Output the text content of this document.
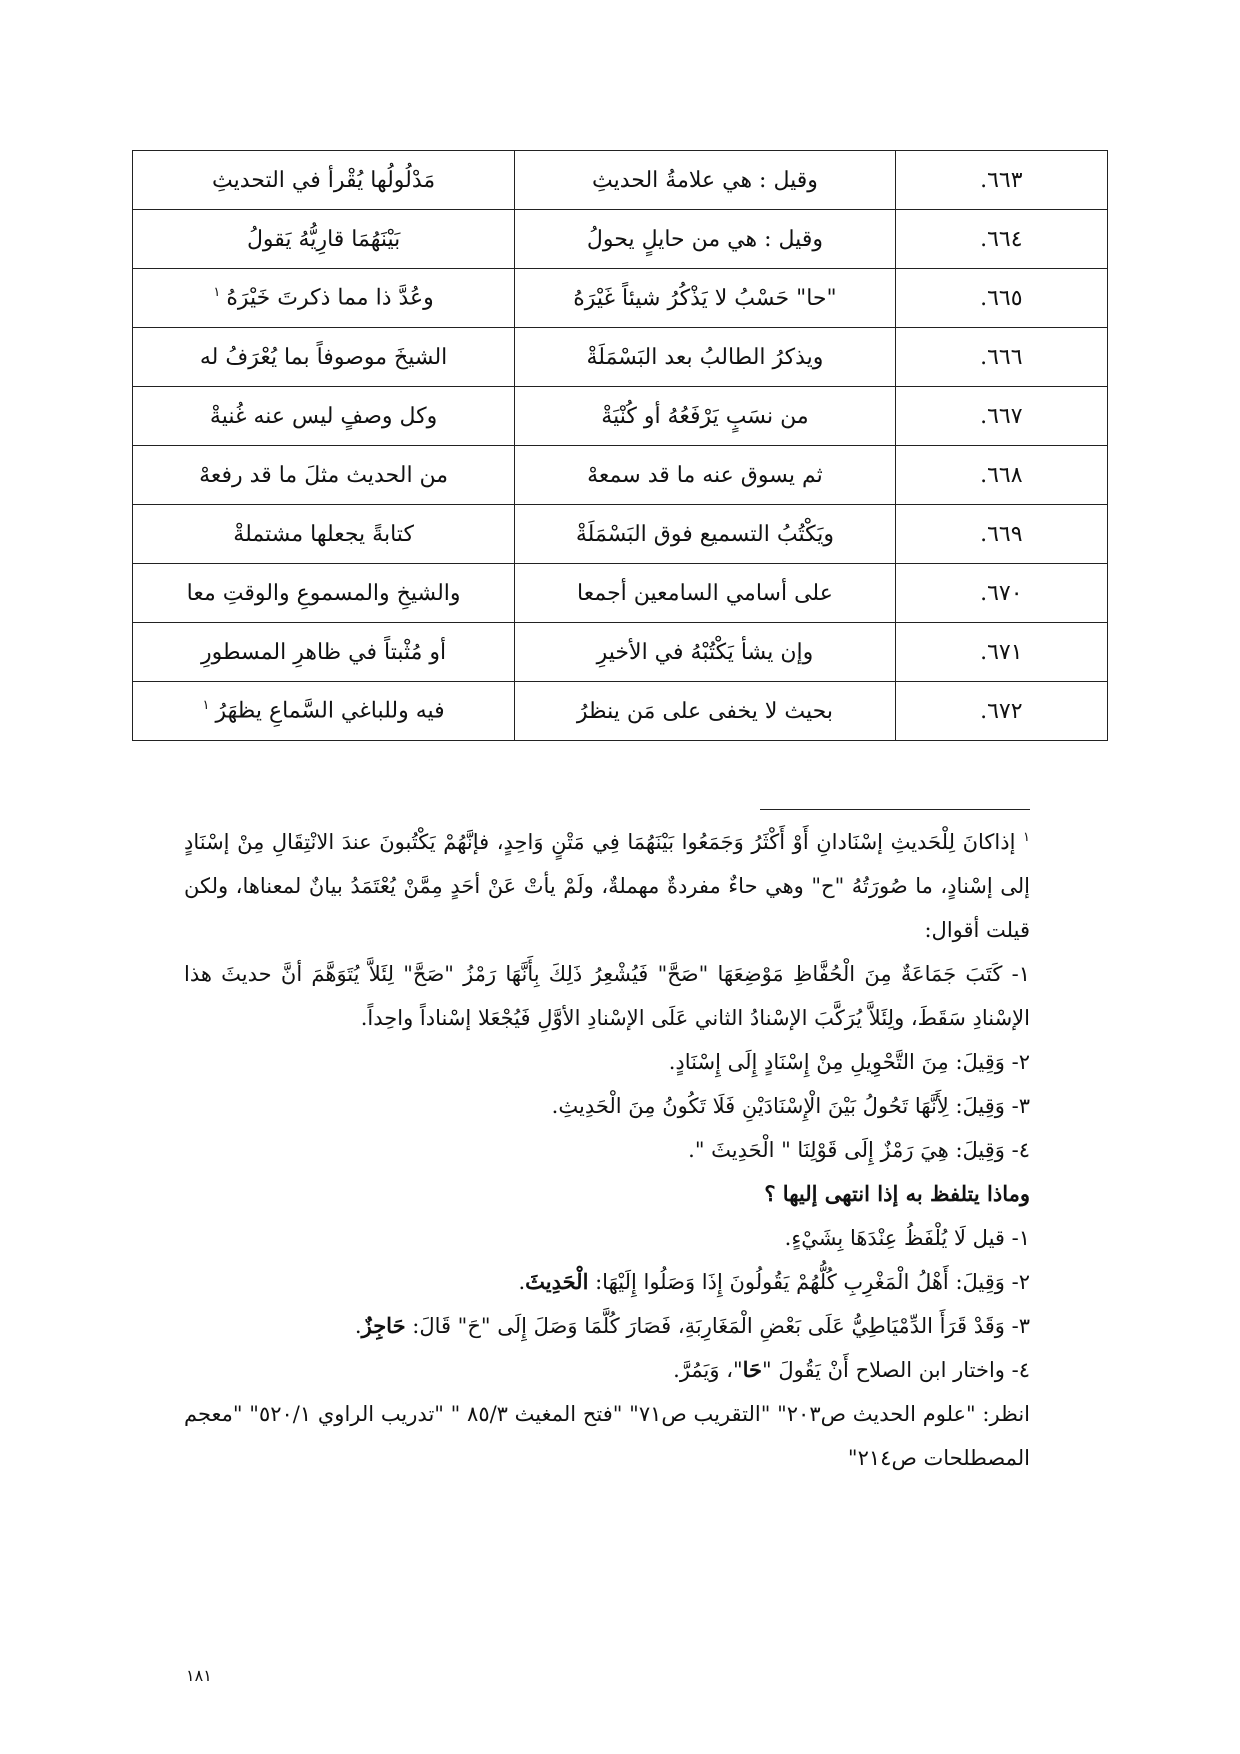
٦٦٣.	وقيل : هي علامةُ الحديثِ	مَدْلُولُها يُقْرأ في التحديثِ
٦٦٤.	وقيل : هي من حايلٍ يحولُ	بَيْنَهُمَا قارِيُّهُ يَقولُ
٦٦٥.	"حا" حَسْبُ لا يَذْكُرُ شيئاً غَيْرَهُ	وعُدَّ ذا مما ذكرتَ خَيْرَهُ$^١$
٦٦٦.	ويذكرُ الطالبُ بعد البَسْمَلَةْ	الشيخَ موصوفاً بما يُعْرَفُ له
٦٦٧.	من نسَبٍ يَرْفَعُهُ أو كُنْيَةْ	وكل وصفٍ ليس عنه غُنيةْ
٦٦٨.	ثم يسوق عنه ما قد سمعهْ	من الحديث مثلَ ما قد رفعهْ
٦٦٩.	ويَكْتُبُ التسميع فوق البَسْمَلَةْ	كتابةً يجعلها مشتملةْ
٦٧٠.	على أسامي السامعين أجمعا	والشيخِ والمسموعِ والوقتِ معا
٦٧١.	وإن يشأ يَكْتُبْهُ في الأخيرِ	أو مُثْبتاً في ظاهرِ المسطورِ
٦٧٢.	بحيث لا يخفى على مَن ينظرُ	فيه وللباغي السَّماعِ يظهَرُ$^١$

$^١$ إذاكانَ لِلْحَديثِ إسْنَادانِ أَوْ أَكْثَرُ وَجَمَعُوا بَيْنَهُمَا فِي مَتْنٍ وَاحِدٍ، فإنَّهُمْ يَكْتُبونَ عندَ الانْتِقَالِ مِنْ إسْنَادٍ إلى إسْنادٍ، ما صُورَتُهُ "ح" وهي حاءٌ مفردةٌ مهملةٌ، ولَمْ يأتْ عَنْ أحَدٍ مِمَّنْ يُعْتَمَدُ بيانٌ لمعناها، ولكن قيلت أقوال:

١- كَتَبَ جَمَاعَةٌ مِنَ الْحُفَّاظِ مَوْضِعَهَا "صَحَّ" فَيُشْعِرُ ذَلِكَ بِأَنَّهَا رَمْزُ "صَحَّ" لِئَلاَّ يُتَوَهَّمَ أنَّ حديثَ هذا الإسْنادِ سَقَطَ، ولِئَلاَّ يُرَكَّبَ الإسْنادُ الثاني عَلَى الإسْنادِ الأوَّلِ فَيُجْعَلا إسْناداً واحِداً.

٢- وَقِيلَ: مِنَ التَّحْوِيلِ مِنْ إِسْنَادٍ إِلَى إِسْنَادٍ.

٣- وَقِيلَ: لِأَنَّهَا تَحُولُ بَيْنَ الْإِسْنَادَيْنِ فَلَا تَكُونُ مِنَ الْحَدِيثِ.

٤- وَقِيلَ: هِيَ رَمْزٌ إِلَى قَوْلِنَا " الْحَدِيثَ ".

وماذا يتلفظ به إذا انتهى إليها ؟

١- قيل لَا يُلْفَظُ عِنْدَهَا بِشَيْءٍ.

٢- وَقِيلَ: أَهْلُ الْمَغْرِبِ كُلُّهُمْ يَقُولُونَ إِذَا وَصَلُوا إِلَيْهَا: الْحَدِيثَ.

٣- وَقَدْ قَرَأَ الدِّمْيَاطِيُّ عَلَى بَعْضِ الْمَغَارِبَةِ، فَصَارَ كُلَّمَا وَصَلَ إِلَى "حَ" قَالَ: حَاجِزٌ.

٤- واختار ابن الصلاح أَنْ يَقُولَ "حَا"، وَيَمُرَّ.

انظر: "علوم الحديث ص٢٠٣" "التقريب ص٧١" "فتح المغيث ٨٥/٣ " "تدريب الراوي ٥٢٠/١" "معجم المصطلحات ص٢١٤"

١٨١
